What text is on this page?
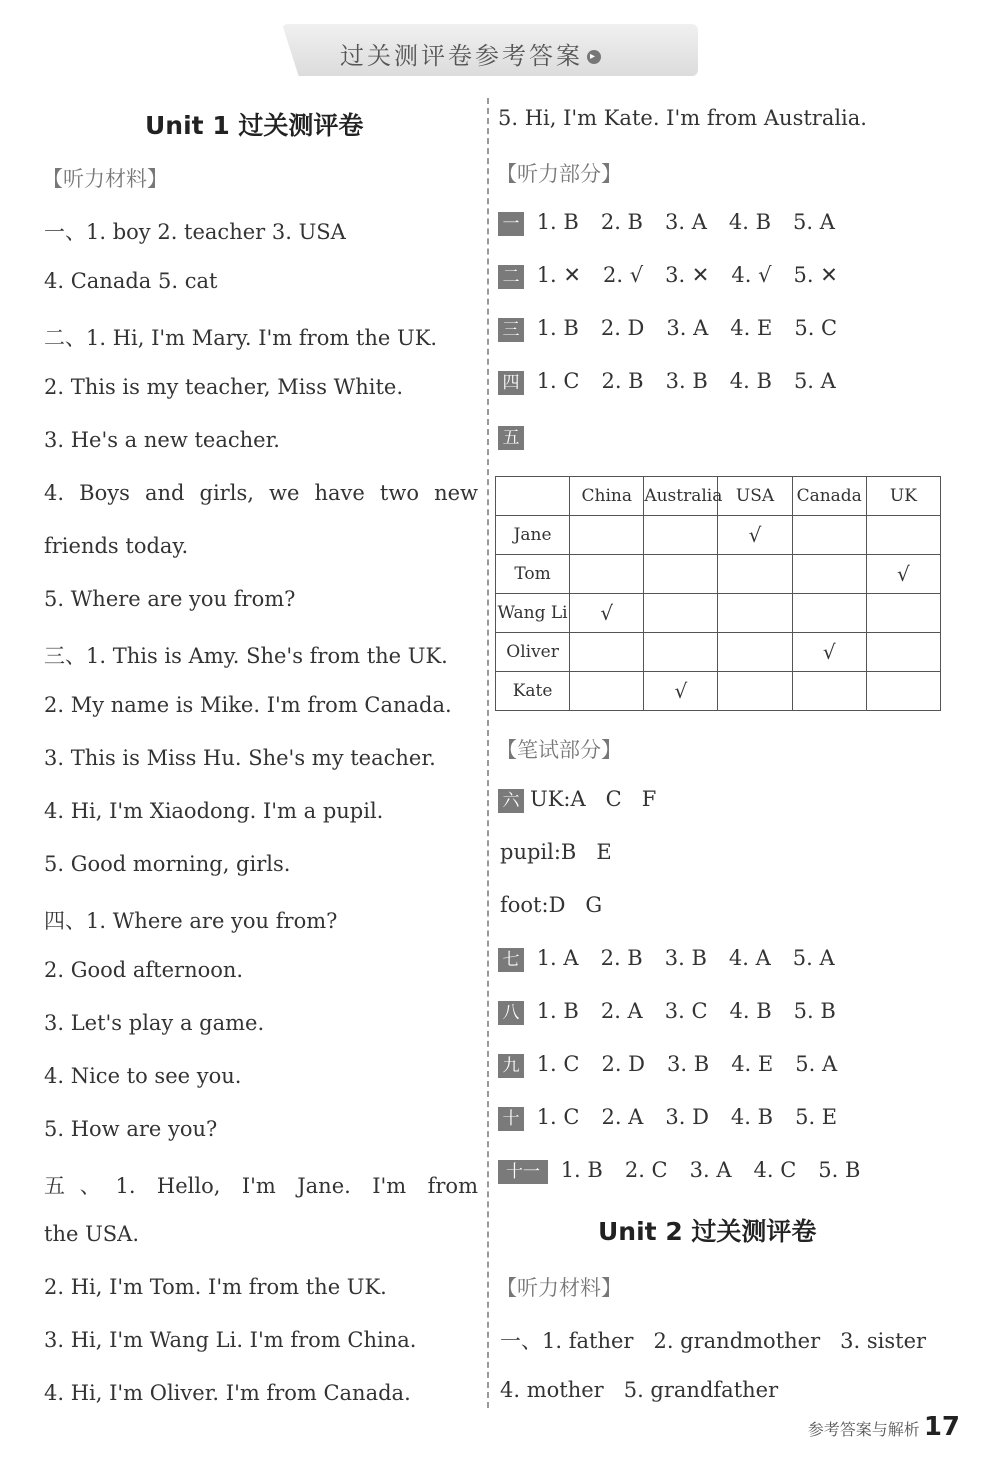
过关测评卷参考答案 ▸
Unit 1 过关测评卷
【听力材料】
一、1. boy 2. teacher 3. USA
4. Canada 5. cat
二、1. Hi, I'm Mary. I'm from the UK.
2. This is my teacher, Miss White.
3. He's a new teacher.
4. Boys and girls, we have two new
friends today.
5. Where are you from?
三、1. This is Amy. She's from the UK.
2. My name is Mike. I'm from Canada.
3. This is Miss Hu. She's my teacher.
4. Hi, I'm Xiaodong. I'm a pupil.
5. Good morning, girls.
四、1. Where are you from?
2. Good afternoon.
3. Let's play a game.
4. Nice to see you.
5. How are you?
五、1. Hello, I'm Jane. I'm from
the USA.
2. Hi, I'm Tom. I'm from the UK.
3. Hi, I'm Wang Li. I'm from China.
4. Hi, I'm Oliver. I'm from Canada.
5. Hi, I'm Kate. I'm from Australia.
【听力部分】
一 1. B 2. B 3. A 4. B 5. A
二 1. ✕ 2. √ 3. ✕ 4. √ 5. ✕
三 1. B 2. D 3. A 4. E 5. C
四 1. C 2. B 3. B 4. B 5. A
五
	China	Australia	USA	Canada	UK
Jane			√		
Tom					√
Wang Li	√				
Oliver				√	
Kate		√			
【笔试部分】
六 UK:A   C   F
pupil:B   E
foot:D   G
七 1. A 2. B 3. B 4. A 5. A
八 1. B 2. A 3. C 4. B 5. B
九 1. C 2. D 3. B 4. E 5. A
十 1. C 2. A 3. D 4. B 5. E
十一 1. B 2. C 3. A 4. C 5. B
Unit 2 过关测评卷
【听力材料】
一、1. father   2. grandmother   3. sister
4. mother   5. grandfather
参考答案与解析 17
